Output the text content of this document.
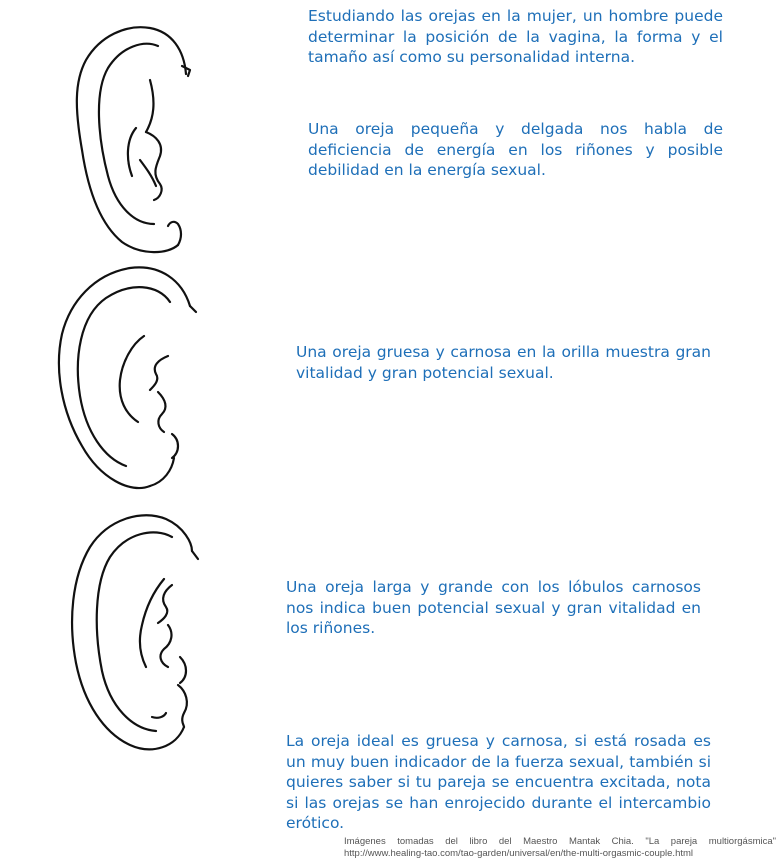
Estudiando las orejas en la mujer, un hombre puede determinar la posición de la vagina, la forma y el tamaño así como su personalidad interna.

Una oreja pequeña y delgada nos habla de deficiencia de energía en los riñones y posible debilidad en la energía sexual.

Una oreja gruesa y carnosa en la orilla muestra gran vitalidad y gran potencial sexual.

Una oreja larga y grande con los lóbulos carnosos nos indica buen potencial sexual y gran vitalidad en los riñones.

La oreja ideal es gruesa y carnosa, si está rosada es un muy buen indicador de la fuerza sexual, también si quieres saber si tu pareja se encuentra excitada, nota si las orejas se han enrojecido durante el intercambio erótico.

Imágenes tomadas del libro del Maestro Mantak Chia. "La pareja multiorgásmica"
http://www.healing-tao.com/tao-garden/universal/en/the-multi-orgasmic-couple.html
